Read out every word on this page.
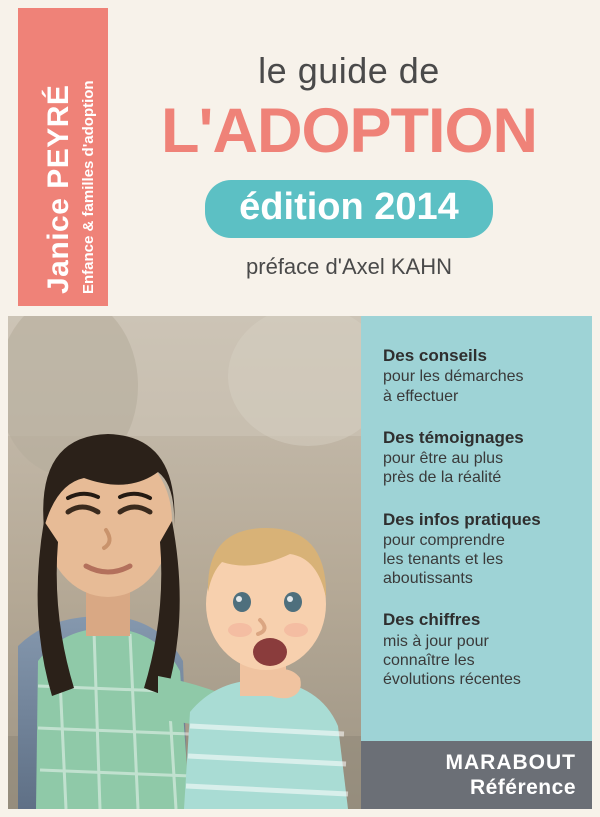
Janice PEYRÉ Enfance & familles d'adoption
le guide de
L'ADOPTION
édition 2014
préface d'Axel KAHN
Des conseils
pour les démarches
à effectuer
Des témoignages
pour être au plus
près de la réalité
Des infos pratiques
pour comprendre
les tenants et les
aboutissants
Des chiffres
mis à jour pour
connaître les
évolutions récentes
MARABOUT
Référence
